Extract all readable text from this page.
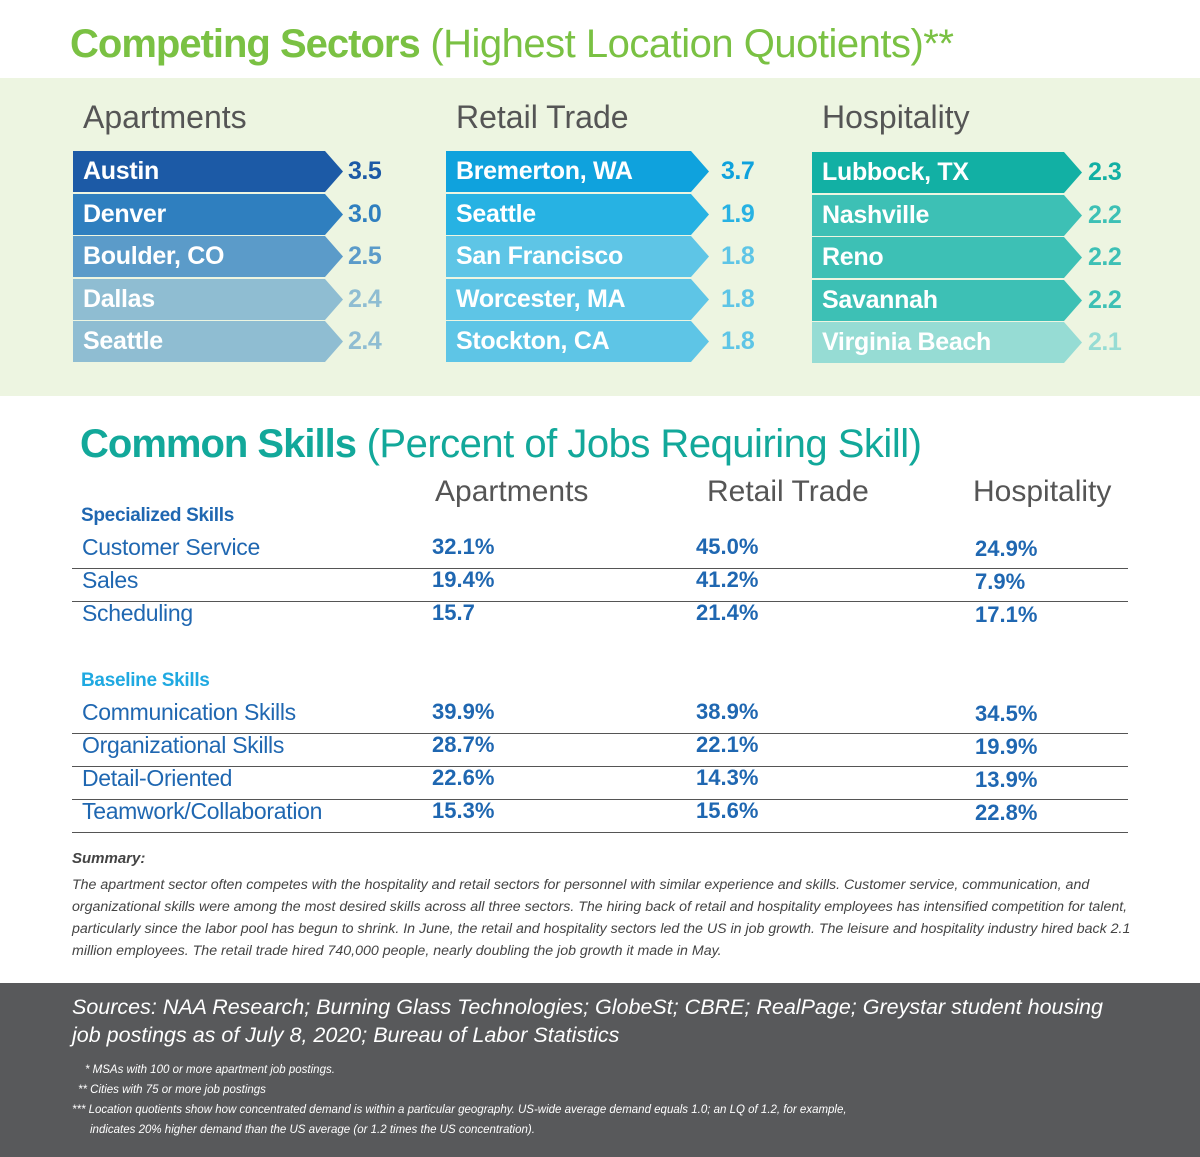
Competing Sectors (Highest Location Quotients)**
Apartments	Retail Trade	Hospitality
Austin	3.5
Denver	3.0
Boulder, CO	2.5
Dallas	2.4
Seattle	2.4
Bremerton, WA	3.7
Seattle	1.9
San Francisco	1.8
Worcester, MA	1.8
Stockton, CA	1.8
Lubbock, TX	2.3
Nashville	2.2
Reno	2.2
Savannah	2.2
Virginia Beach	2.1
Common Skills (Percent of Jobs Requiring Skill)
Apartments	Retail Trade	Hospitality
Specialized Skills
Customer Service	32.1%	45.0%	24.9%
Sales	19.4%	41.2%	7.9%
Scheduling	15.7	21.4%	17.1%
Baseline Skills
Communication Skills	39.9%	38.9%	34.5%
Organizational Skills	28.7%	22.1%	19.9%
Detail-Oriented	22.6%	14.3%	13.9%
Teamwork/Collaboration	15.3%	15.6%	22.8%
Summary:
The apartment sector often competes with the hospitality and retail sectors for personnel with similar experience and skills. Customer service, communication, and organizational skills were among the most desired skills across all three sectors. The hiring back of retail and hospitality employees has intensified competition for talent, particularly since the labor pool has begun to shrink. In June, the retail and hospitality sectors led the US in job growth. The leisure and hospitality industry hired back 2.1 million employees. The retail trade hired 740,000 people, nearly doubling the job growth it made in May.
Sources: NAA Research; Burning Glass Technologies; GlobeSt; CBRE; RealPage; Greystar student housing job postings as of July 8, 2020; Bureau of Labor Statistics
* MSAs with 100 or more apartment job postings.
** Cities with 75 or more job postings
*** Location quotients show how concentrated demand is within a particular geography. US-wide average demand equals 1.0; an LQ of 1.2, for example,
indicates 20% higher demand than the US average (or 1.2 times the US concentration).
